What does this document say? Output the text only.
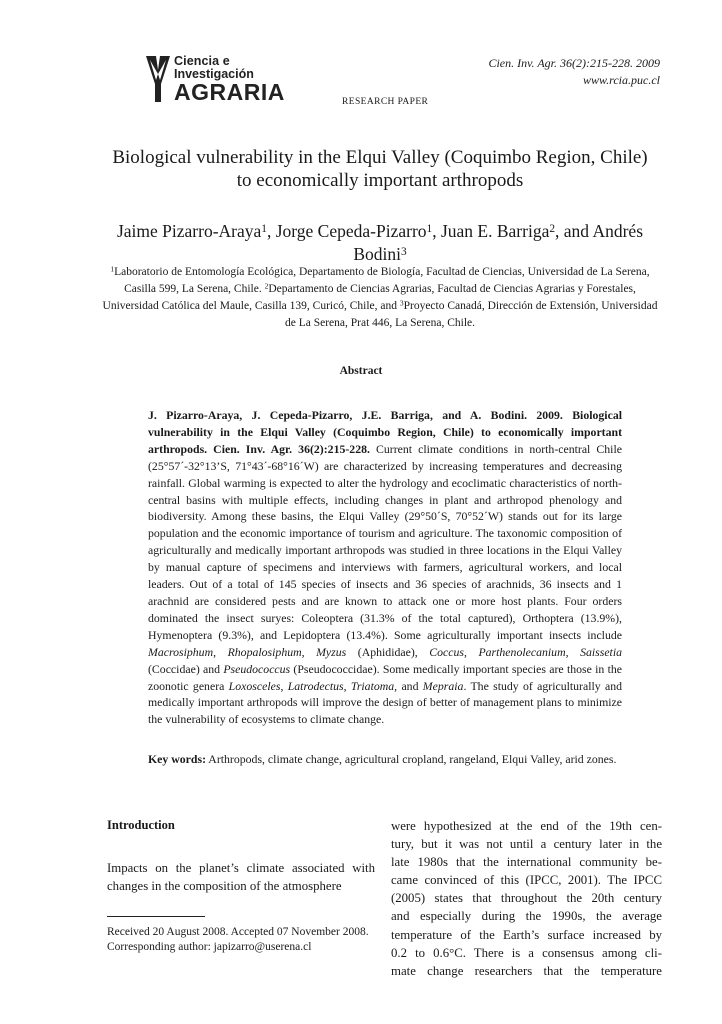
Ciencia e
Investigación
AGRARIA
Cien. Inv. Agr. 36(2):215-228. 2009
www.rcia.puc.cl
RESEARCH PAPER
Biological vulnerability in the Elqui Valley (Coquimbo Region, Chile)
to economically important arthropods
Jaime Pizarro-Araya$^1$, Jorge Cepeda-Pizarro$^1$, Juan E. Barriga$^2$, and Andrés Bodini$^3$
$^1$Laboratorio de Entomología Ecológica, Departamento de Biología, Facultad de Ciencias, Universidad de La Serena, Casilla 599, La Serena, Chile. $^2$Departamento de Ciencias Agrarias, Facultad de Ciencias Agrarias y Forestales, Universidad Católica del Maule, Casilla 139, Curicó, Chile, and $^3$Proyecto Canadá, Dirección de Extensión, Universidad de La Serena, Prat 446, La Serena, Chile.
Abstract
J. Pizarro-Araya, J. Cepeda-Pizarro, J.E. Barriga, and A. Bodini. 2009. Biological vulnerability in the Elqui Valley (Coquimbo Region, Chile) to economically important arthropods. Cien. Inv. Agr. 36(2):215-228. Current climate conditions in north-central Chile (25°57´-32°13’S, 71°43´-68°16´W) are characterized by increasing temperatures and decreasing rainfall. Global warming is expected to alter the hydrology and ecoclimatic characteristics of north-central basins with multiple effects, including changes in plant and arthropod phenology and biodiversity. Among these basins, the Elqui Valley (29°50´S, 70°52´W) stands out for its large population and the economic importance of tourism and agriculture. The taxonomic composition of agriculturally and medically important arthropods was studied in three locations in the Elqui Valley by manual capture of specimens and interviews with farmers, agricultural workers, and local leaders. Out of a total of 145 species of insects and 36 species of arachnids, 36 insects and 1 arachnid are considered pests and are known to attack one or more host plants. Four orders dominated the insect suryes: Coleoptera (31.3% of the total captured), Orthoptera (13.9%), Hymenoptera (9.3%), and Lepidoptera (13.4%). Some agriculturally important insects include Macrosiphum, Rhopalosiphum, Myzus (Aphididae), Coccus, Parthenolecanium, Saissetia (Coccidae) and Pseudococcus (Pseudococcidae). Some medically important species are those in the zoonotic genera Loxosceles, Latrodectus, Triatoma, and Mepraia. The study of agriculturally and medically important arthropods will improve the design of better of management plans to minimize the vulnerability of ecosystems to climate change.
Key words: Arthropods, climate change, agricultural cropland, rangeland, Elqui Valley, arid zones.
Introduction
Impacts on the planet’s climate associated with changes in the composition of the atmosphere
Received 20 August 2008. Accepted 07 November 2008.
Corresponding author: japizarro@userena.cl
were hypothesized at the end of the 19th cen-
tury, but it was not until a century later in the
late 1980s that the international community be-
came convinced of this (IPCC, 2001). The IPCC
(2005) states that throughout the 20th century
and especially during the 1990s, the average
temperature of the Earth’s surface increased by
0.2 to 0.6°C. There is a consensus among cli-
mate change researchers that the temperature
